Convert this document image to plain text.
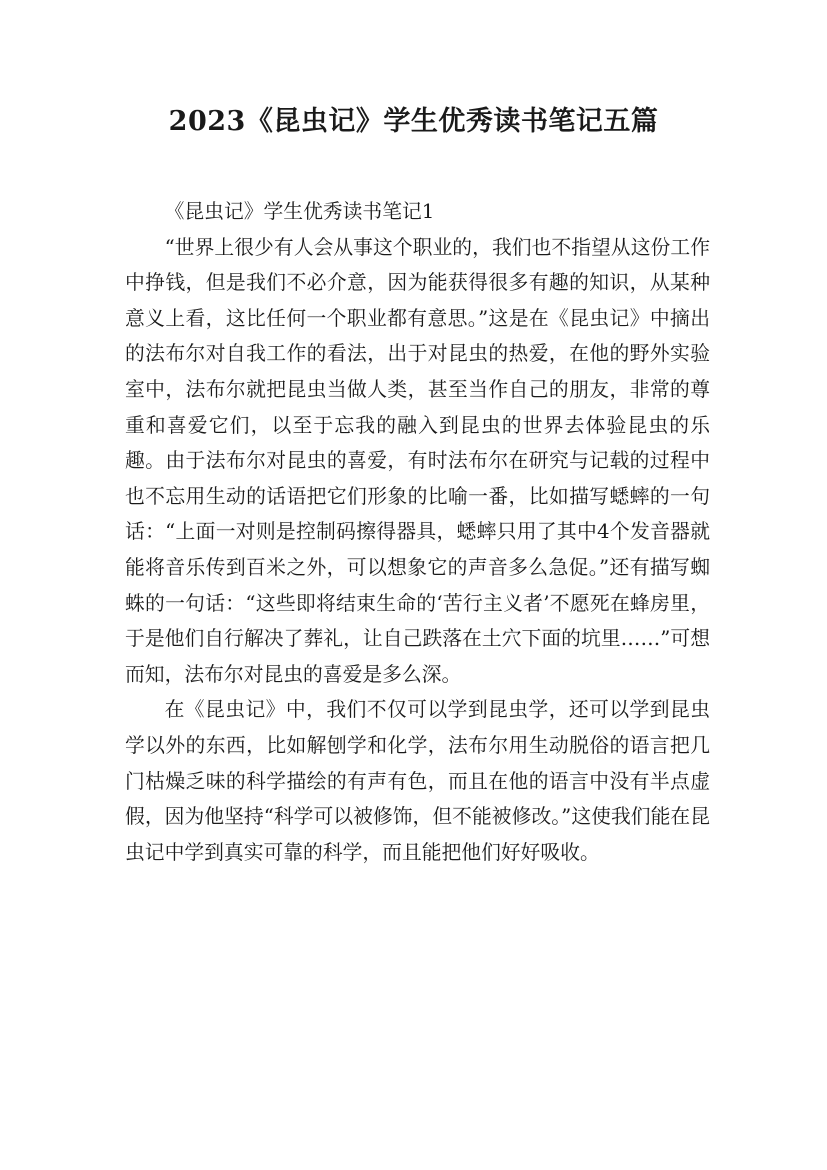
2023《昆虫记》学生优秀读书笔记五篇
《昆虫记》学生优秀读书笔记1

“世界上很少有人会从事这个职业的，我们也不指望从这份工作中挣钱，但是我们不必介意，因为能获得很多有趣的知识，从某种意义上看，这比任何一个职业都有意思。”这是在《昆虫记》中摘出的法布尔对自我工作的看法，出于对昆虫的热爱，在他的野外实验室中，法布尔就把昆虫当做人类，甚至当作自己的朋友，非常的尊重和喜爱它们，以至于忘我的融入到昆虫的世界去体验昆虫的乐趣。由于法布尔对昆虫的喜爱，有时法布尔在研究与记载的过程中也不忘用生动的话语把它们形象的比喻一番，比如描写蟋蟀的一句话：“上面一对则是控制码擦得器具，蟋蟀只用了其中4个发音器就能将音乐传到百米之外，可以想象它的声音多么急促。”还有描写蜘蛛的一句话：“这些即将结束生命的‘苦行主义者’不愿死在蜂房里，于是他们自行解决了葬礼，让自己跌落在土穴下面的坑里……”可想而知，法布尔对昆虫的喜爱是多么深。

在《昆虫记》中，我们不仅可以学到昆虫学，还可以学到昆虫学以外的东西，比如解刨学和化学，法布尔用生动脱俗的语言把几门枯燥乏味的科学描绘的有声有色，而且在他的语言中没有半点虚假，因为他坚持“科学可以被修饰，但不能被修改。”这使我们能在昆虫记中学到真实可靠的科学，而且能把他们好好吸收。
